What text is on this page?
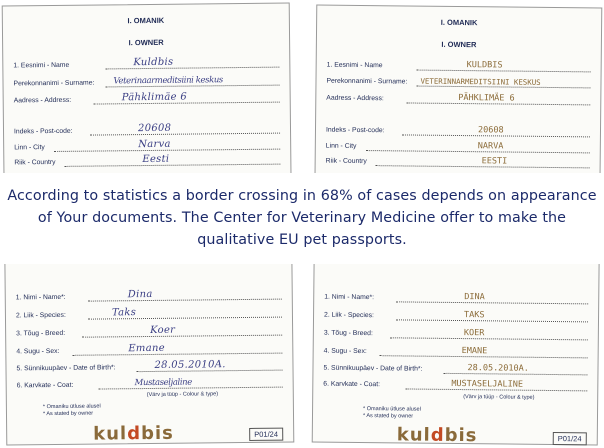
I. OMANIK
I. OWNER
1. Eesnimi - Name	Kuldbis
Perekonnanimi - Surname: Veterinaarmeditsiini keskus
Aadress - Address:	Pähklimäe 6
Indeks - Post-code:	20608
Linn - City	Narva
Riik - Country	Eesti
1. Nimi - Name*:	Dina
2. Liik - Species:	Taks
3. Tõug - Breed:	Koer
4. Sugu - Sex:	Emane
5. Sünnikuupäev - Date of Birth*:	28.05.2010A.
6. Karvkate - Coat:	Mustaseljaline
(Värv ja tüüp - Colour & type)
* Omaniku ütluse alusel
* As stated by owner
kuldbis	P01/24
I. OMANIK
I. OWNER
1. Eesnimi - Name	KULDBIS
Perekonnanimi - Surname: VETERINNARMEDITSIINI KESKUS
Aadress - Address:	PÄHKLIMÄE 6
Indeks - Post-code:	20608
Linn - City	NARVA
Riik - Country	EESTI
1. Nimi - Name*:	DINA
2. Liik - Species:	TAKS
3. Tõug - Breed:	KOER
4. Sugu - Sex:	EMANE
5. Sünnikuupäev - Date of Birth*:	28.05.2010A.
6. Karvkate - Coat:	MUSTASELJALINE
(Värv ja tüüp - Colour & type)
* Omaniku ütluse alusel
* As stated by owner
kuldbis	P01/24

According to statistics a border crossing in 68% of cases depends on appearance of Your documents. The Center for Veterinary Medicine offer to make the qualitative EU pet passports.
